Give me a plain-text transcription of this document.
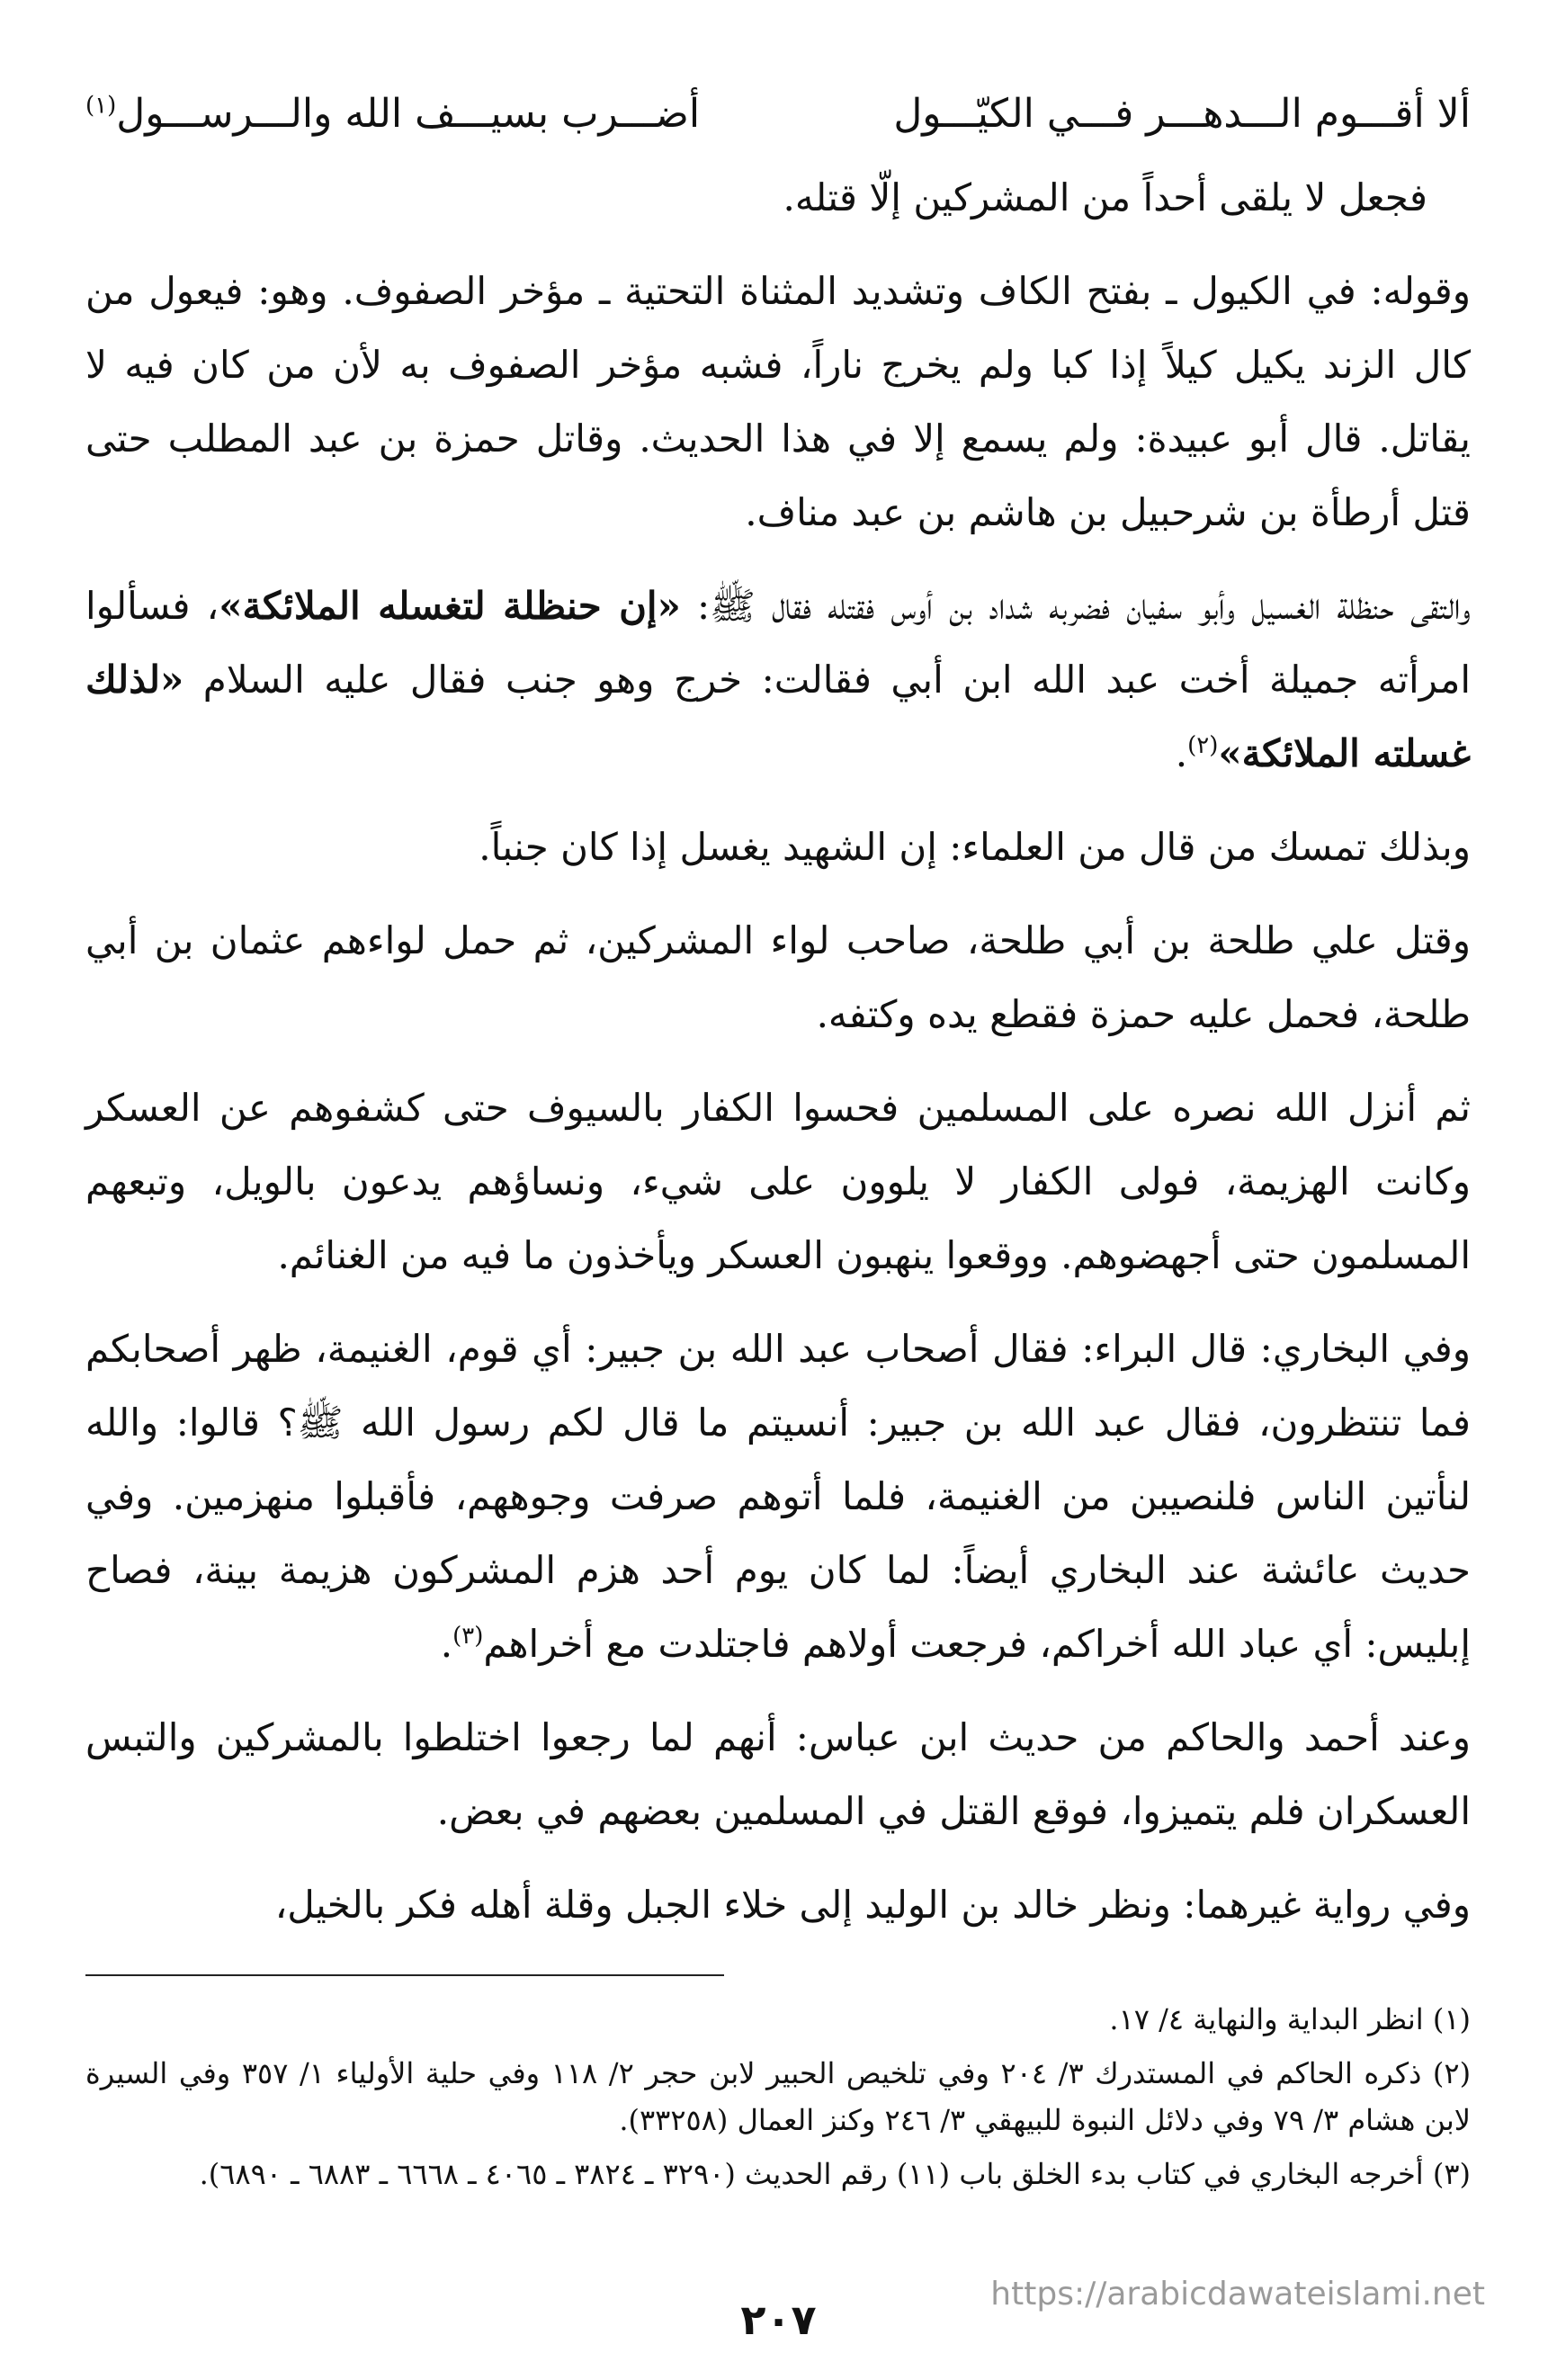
ألا أقـــوم الـــدهـــر فـــي الكيّـــول
أضـــرب بسيـــف الله والـــرســـول$^{(١)}$

فجعل لا يلقى أحداً من المشركين إلّا قتله.

وقوله: في الكيول ـ بفتح الكاف وتشديد المثناة التحتية ـ مؤخر الصفوف. وهو: فيعول من كال الزند يكيل كيلاً إذا كبا ولم يخرج ناراً، فشبه مؤخر الصفوف به لأن من كان فيه لا يقاتل. قال أبو عبيدة: ولم يسمع إلا في هذا الحديث. وقاتل حمزة بن عبد المطلب حتى قتل أرطأة بن شرحبيل بن هاشم بن عبد مناف.

والتقى حنظلة الغسيل وأبو سفيان فضربه شداد بن أوس فقتله فقال ﷺ: «إن حنظلة لتغسله الملائكة»، فسألوا امرأته جميلة أخت عبد الله ابن أبي فقالت: خرج وهو جنب فقال عليه السلام «لذلك غسلته الملائكة»$^{(٢)}$.

وبذلك تمسك من قال من العلماء: إن الشهيد يغسل إذا كان جنباً.

وقتل علي طلحة بن أبي طلحة، صاحب لواء المشركين، ثم حمل لواءهم عثمان بن أبي طلحة، فحمل عليه حمزة فقطع يده وكتفه.

ثم أنزل الله نصره على المسلمين فحسوا الكفار بالسيوف حتى كشفوهم عن العسكر وكانت الهزيمة، فولى الكفار لا يلوون على شيء، ونساؤهم يدعون بالويل، وتبعهم المسلمون حتى أجهضوهم. ووقعوا ينهبون العسكر ويأخذون ما فيه من الغنائم.

وفي البخاري: قال البراء: فقال أصحاب عبد الله بن جبير: أي قوم، الغنيمة، ظهر أصحابكم فما تنتظرون، فقال عبد الله بن جبير: أنسيتم ما قال لكم رسول الله ﷺ؟ قالوا: والله لنأتين الناس فلنصيبن من الغنيمة، فلما أتوهم صرفت وجوههم، فأقبلوا منهزمين. وفي حديث عائشة عند البخاري أيضاً: لما كان يوم أحد هزم المشركون هزيمة بينة، فصاح إبليس: أي عباد الله أخراكم، فرجعت أولاهم فاجتلدت مع أخراهم$^{(٣)}$.

وعند أحمد والحاكم من حديث ابن عباس: أنهم لما رجعوا اختلطوا بالمشركين والتبس العسكران فلم يتميزوا، فوقع القتل في المسلمين بعضهم في بعض.

وفي رواية غيرهما: ونظر خالد بن الوليد إلى خلاء الجبل وقلة أهله فكر بالخيل،

(١) انظر البداية والنهاية ٤/ ١٧.

(٢) ذكره الحاكم في المستدرك ٣/ ٢٠٤ وفي تلخيص الحبير لابن حجر ٢/ ١١٨ وفي حلية الأولياء ١/ ٣٥٧ وفي السيرة لابن هشام ٣/ ٧٩ وفي دلائل النبوة للبيهقي ٣/ ٢٤٦ وكنز العمال (٣٣٢٥٨).

(٣) أخرجه البخاري في كتاب بدء الخلق باب (١١) رقم الحديث (٣٢٩٠ ـ ٣٨٢٤ ـ ٤٠٦٥ ـ ٦٦٦٨ ـ ٦٨٨٣ ـ ٦٨٩٠).

https://arabicdawateislami.net
٢٠٧
